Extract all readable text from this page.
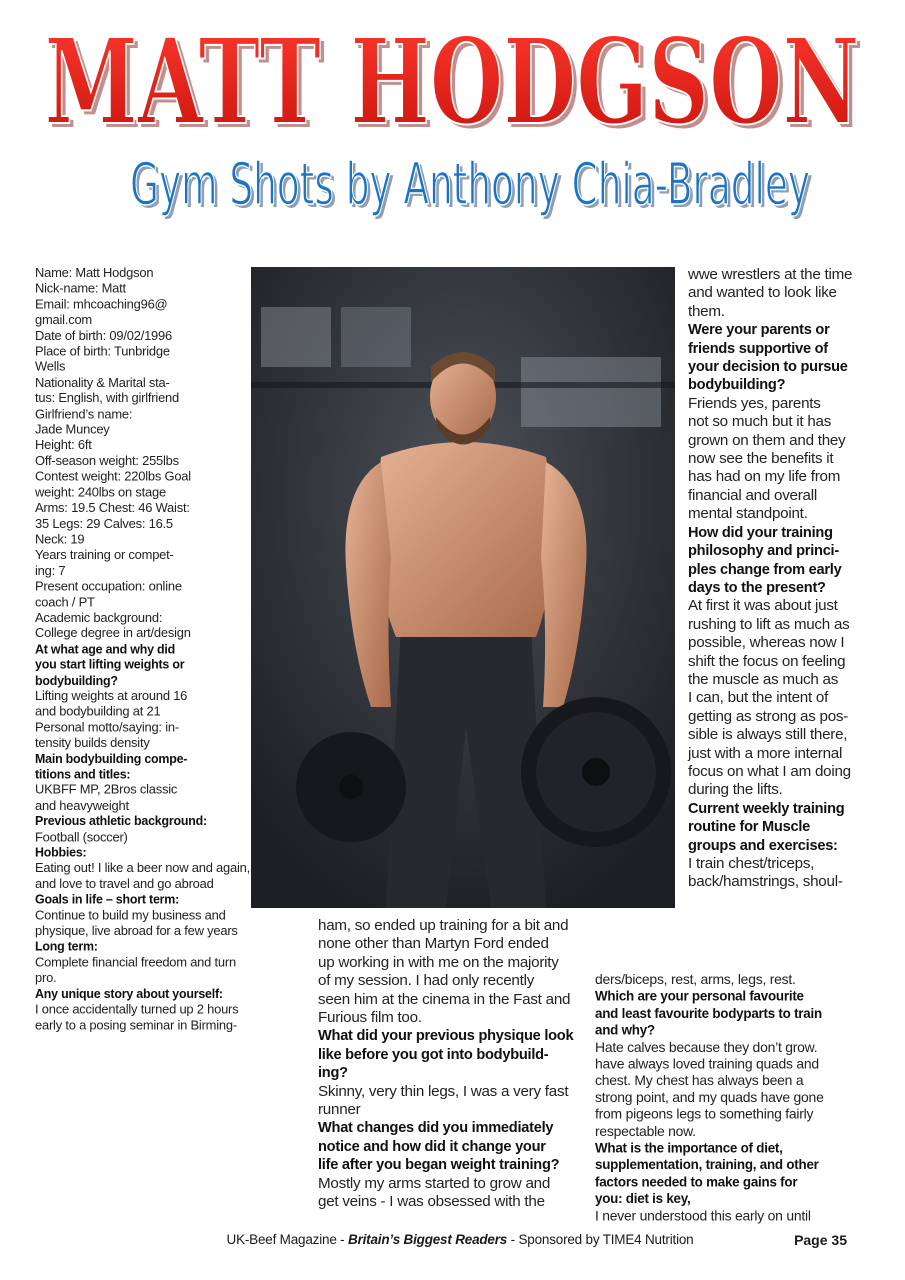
MATT HODGSON
MATT HODGSON
Gym Shots by Anthony Chia-Bradley
Gym Shots by Anthony Chia-Bradley

Name: Matt Hodgson

Nick-name: Matt

Email: mhcoaching96@

gmail.com

Date of birth: 09/02/1996

Place of birth: Tunbridge

Wells

Nationality & Marital sta-

tus: English, with girlfriend

Girlfriend’s name:

Jade Muncey

Height: 6ft

Off-season weight: 255lbs

Contest weight: 220lbs Goal

weight: 240lbs on stage

Arms: 19.5 Chest: 46 Waist:

35 Legs: 29 Calves: 16.5

Neck: 19

Years training or compet-

ing: 7

Present occupation: online

coach / PT

Academic background:

College degree in art/design

At what age and why did

you start lifting weights or

bodybuilding?

Lifting weights at around 16

and bodybuilding at 21

Personal motto/saying: in-

tensity builds density

Main bodybuilding compe-

titions and titles:

UKBFF MP, 2Bros classic

and heavyweight

Previous athletic background:

Football (soccer)

Hobbies:

Eating out! I like a beer now and again,

and love to travel and go abroad

Goals in life – short term:

Continue to build my business and

physique, live abroad for a few years

Long term:

Complete financial freedom and turn

pro.

Any unique story about yourself:

I once accidentally turned up 2 hours

early to a posing seminar in Birming-

ham, so ended up training for a bit and

none other than Martyn Ford ended

up working in with me on the majority

of my session. I had only recently

seen him at the cinema in the Fast and

Furious film too.

What did your previous physique look

like before you got into bodybuild-

ing?

Skinny, very thin legs, I was a very fast

runner

What changes did you immediately

notice and how did it change your

life after you began weight training?

Mostly my arms started to grow and

get veins - I was obsessed with the

wwe wrestlers at the time

and wanted to look like

them.

Were your parents or

friends supportive of

your decision to pursue

bodybuilding?

Friends yes, parents

not so much but it has

grown on them and they

now see the benefits it

has had on my life from

financial and overall

mental standpoint.

How did your training

philosophy and princi-

ples change from early

days to the present?

At first it was about just

rushing to lift as much as

possible, whereas now I

shift the focus on feeling

the muscle as much as

I can, but the intent of

getting as strong as pos-

sible is always still there,

just with a more internal

focus on what I am doing

during the lifts.

Current weekly training

routine for Muscle

groups and exercises:

I train chest/triceps,

back/hamstrings, shoul-

ders/biceps, rest, arms, legs, rest.

Which are your personal favourite

and least favourite bodyparts to train

and why?

Hate calves because they don’t grow.

have always loved training quads and

chest. My chest has always been a

strong point, and my quads have gone

from pigeons legs to something fairly

respectable now.

What is the importance of diet,

supplementation, training, and other

factors needed to make gains for

you: diet is key,

I never understood this early on until

UK-Beef Magazine - Britain’s Biggest Readers - Sponsored by TIME4 Nutrition	Page 35
